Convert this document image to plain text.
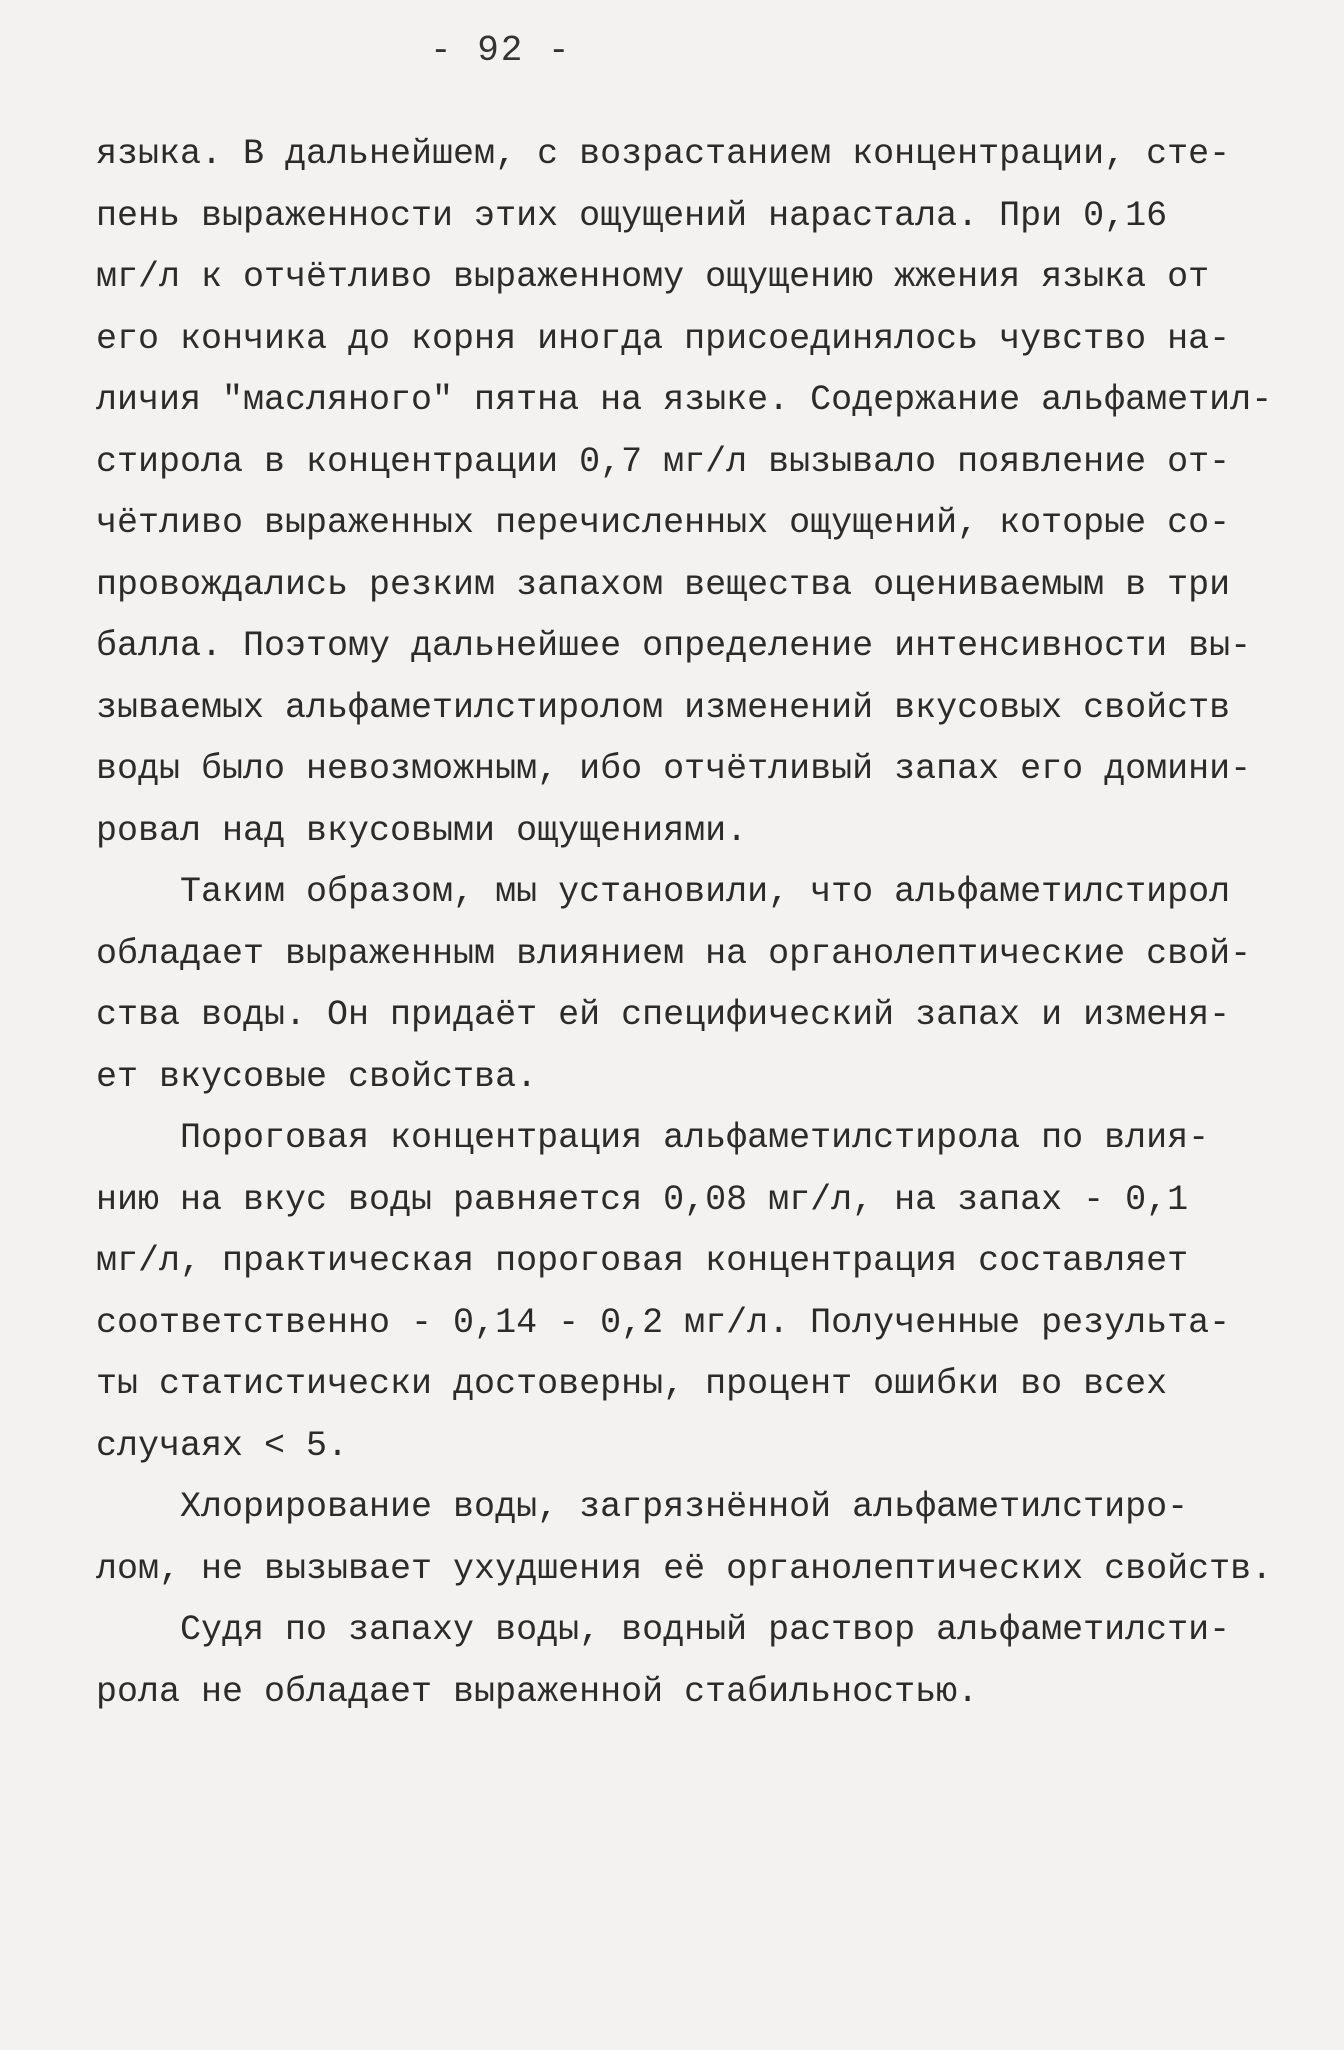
- 92 -
языка. В дальнейшем, с возрастанием концентрации, сте-
пень выраженности этих ощущений нарастала. При 0,16
мг/л к отчётливо выраженному ощущению жжения языка от
его кончика до корня иногда присоединялось чувство на-
личия "масляного" пятна на языке. Содержание альфаметил-
стирола в концентрации 0,7 мг/л вызывало появление от-
чётливо выраженных перечисленных ощущений, которые со-
провождались резким запахом вещества оцениваемым в три
балла. Поэтому дальнейшее определение интенсивности вы-
зываемых альфаметилстиролом изменений вкусовых свойств
воды было невозможным, ибо отчётливый запах его домини-
ровал над вкусовыми ощущениями.
Таким образом, мы установили, что альфаметилстирол
обладает выраженным влиянием на органолептические свой-
ства воды. Он придаёт ей специфический запах и изменя-
ет вкусовые свойства.
Пороговая концентрация альфаметилстирола по влия-
нию на вкус воды равняется 0,08 мг/л, на запах - 0,1
мг/л, практическая пороговая концентрация составляет
соответственно - 0,14 - 0,2 мг/л. Полученные результа-
ты статистически достоверны, процент ошибки во всех
случаях < 5.
Хлорирование воды, загрязнённой альфаметилстиро-
лом, не вызывает ухудшения её органолептических свойств.
Судя по запаху воды, водный раствор альфаметилсти-
рола не обладает выраженной стабильностью.
